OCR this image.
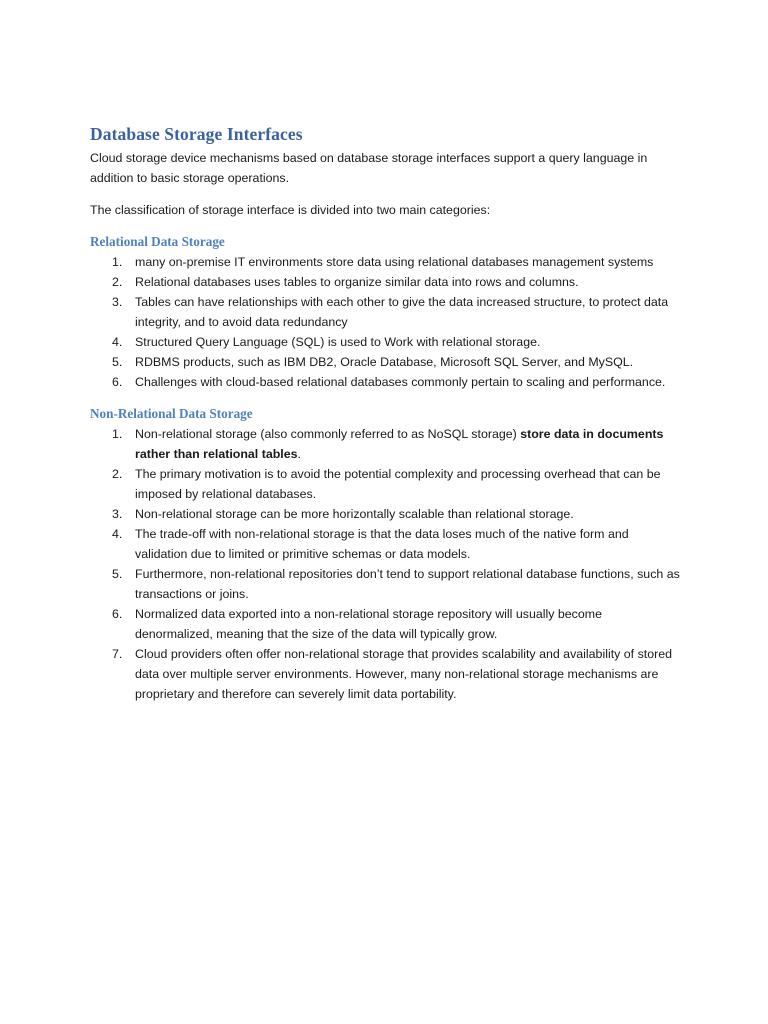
Database Storage Interfaces

Cloud storage device mechanisms based on database storage interfaces support a query language in addition to basic storage operations.

The classification of storage interface is divided into two main categories:

Relational Data Storage
1. many on-premise IT environments store data using relational databases management systems
2. Relational databases uses tables to organize similar data into rows and columns.
3. Tables can have relationships with each other to give the data increased structure, to protect data integrity, and to avoid data redundancy
4. Structured Query Language (SQL) is used to Work with relational storage.
5. RDBMS products, such as IBM DB2, Oracle Database, Microsoft SQL Server, and MySQL.
6. Challenges with cloud-based relational databases commonly pertain to scaling and performance.
Non-Relational Data Storage
1. Non-relational storage (also commonly referred to as NoSQL storage) store data in documents rather than relational tables.
2. The primary motivation is to avoid the potential complexity and processing overhead that can be imposed by relational databases.
3. Non-relational storage can be more horizontally scalable than relational storage.
4. The trade-off with non-relational storage is that the data loses much of the native form and validation due to limited or primitive schemas or data models.
5. Furthermore, non-relational repositories don’t tend to support relational database functions, such as transactions or joins.
6. Normalized data exported into a non-relational storage repository will usually become denormalized, meaning that the size of the data will typically grow.
7. Cloud providers often offer non-relational storage that provides scalability and availability of stored data over multiple server environments. However, many non-relational storage mechanisms are proprietary and therefore can severely limit data portability.
